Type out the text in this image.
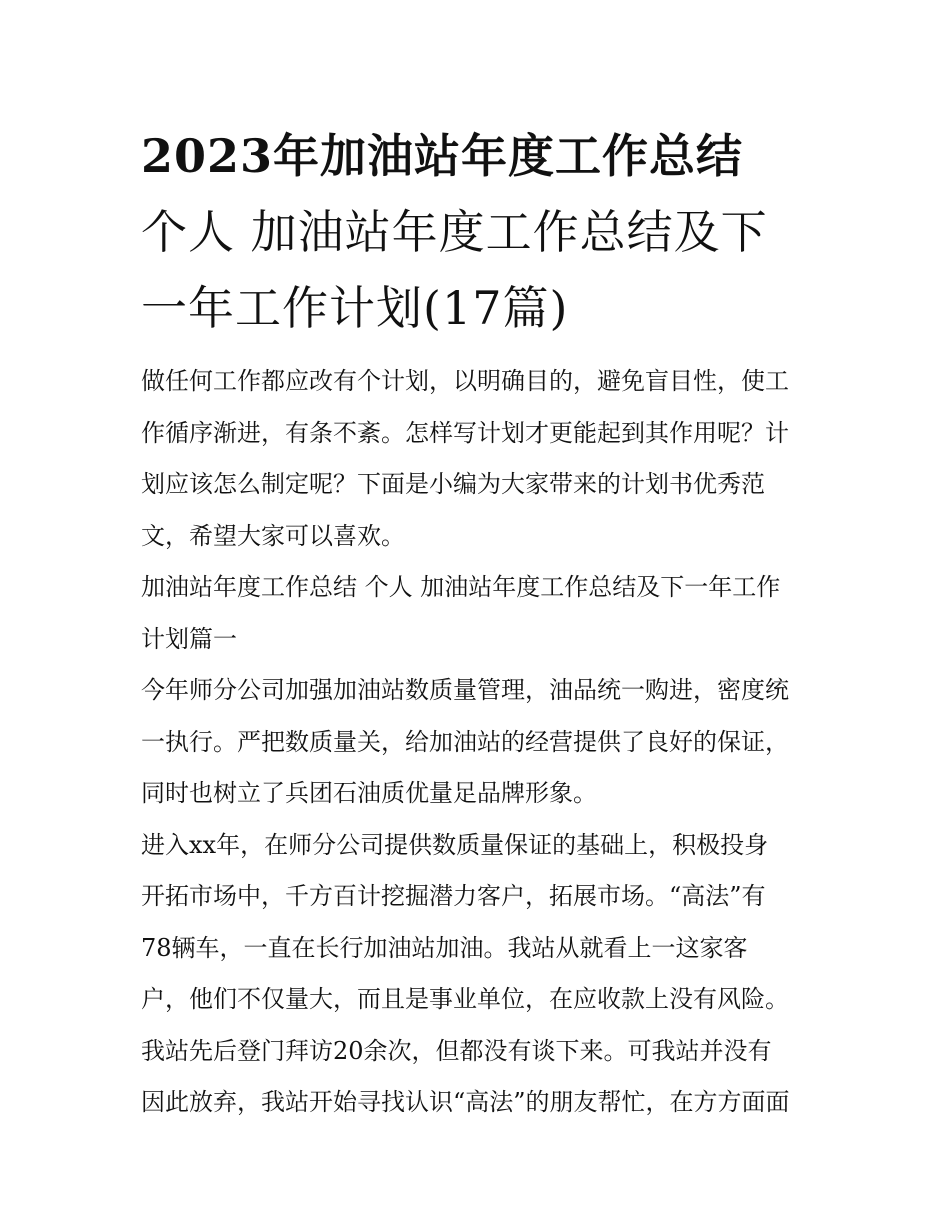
2023年加油站年度工作总结
个人 加油站年度工作总结及下
一年工作计划(17篇)

做任何工作都应改有个计划，以明确目的，避免盲目性，使工
作循序渐进，有条不紊。怎样写计划才更能起到其作用呢？计
划应该怎么制定呢？下面是小编为大家带来的计划书优秀范
文，希望大家可以喜欢。

加油站年度工作总结 个人 加油站年度工作总结及下一年工作
计划篇一

今年师分公司加强加油站数质量管理，油品统一购进，密度统
一执行。严把数质量关，给加油站的经营提供了良好的保证，
同时也树立了兵团石油质优量足品牌形象。

进入xx年，在师分公司提供数质量保证的基础上，积极投身
开拓市场中，千方百计挖掘潜力客户，拓展市场。“高法”有
78辆车，一直在长行加油站加油。我站从就看上一这家客
户，他们不仅量大，而且是事业单位，在应收款上没有风险。
我站先后登门拜访20余次，但都没有谈下来。可我站并没有
因此放弃，我站开始寻找认识“高法”的朋友帮忙，在方方面面
